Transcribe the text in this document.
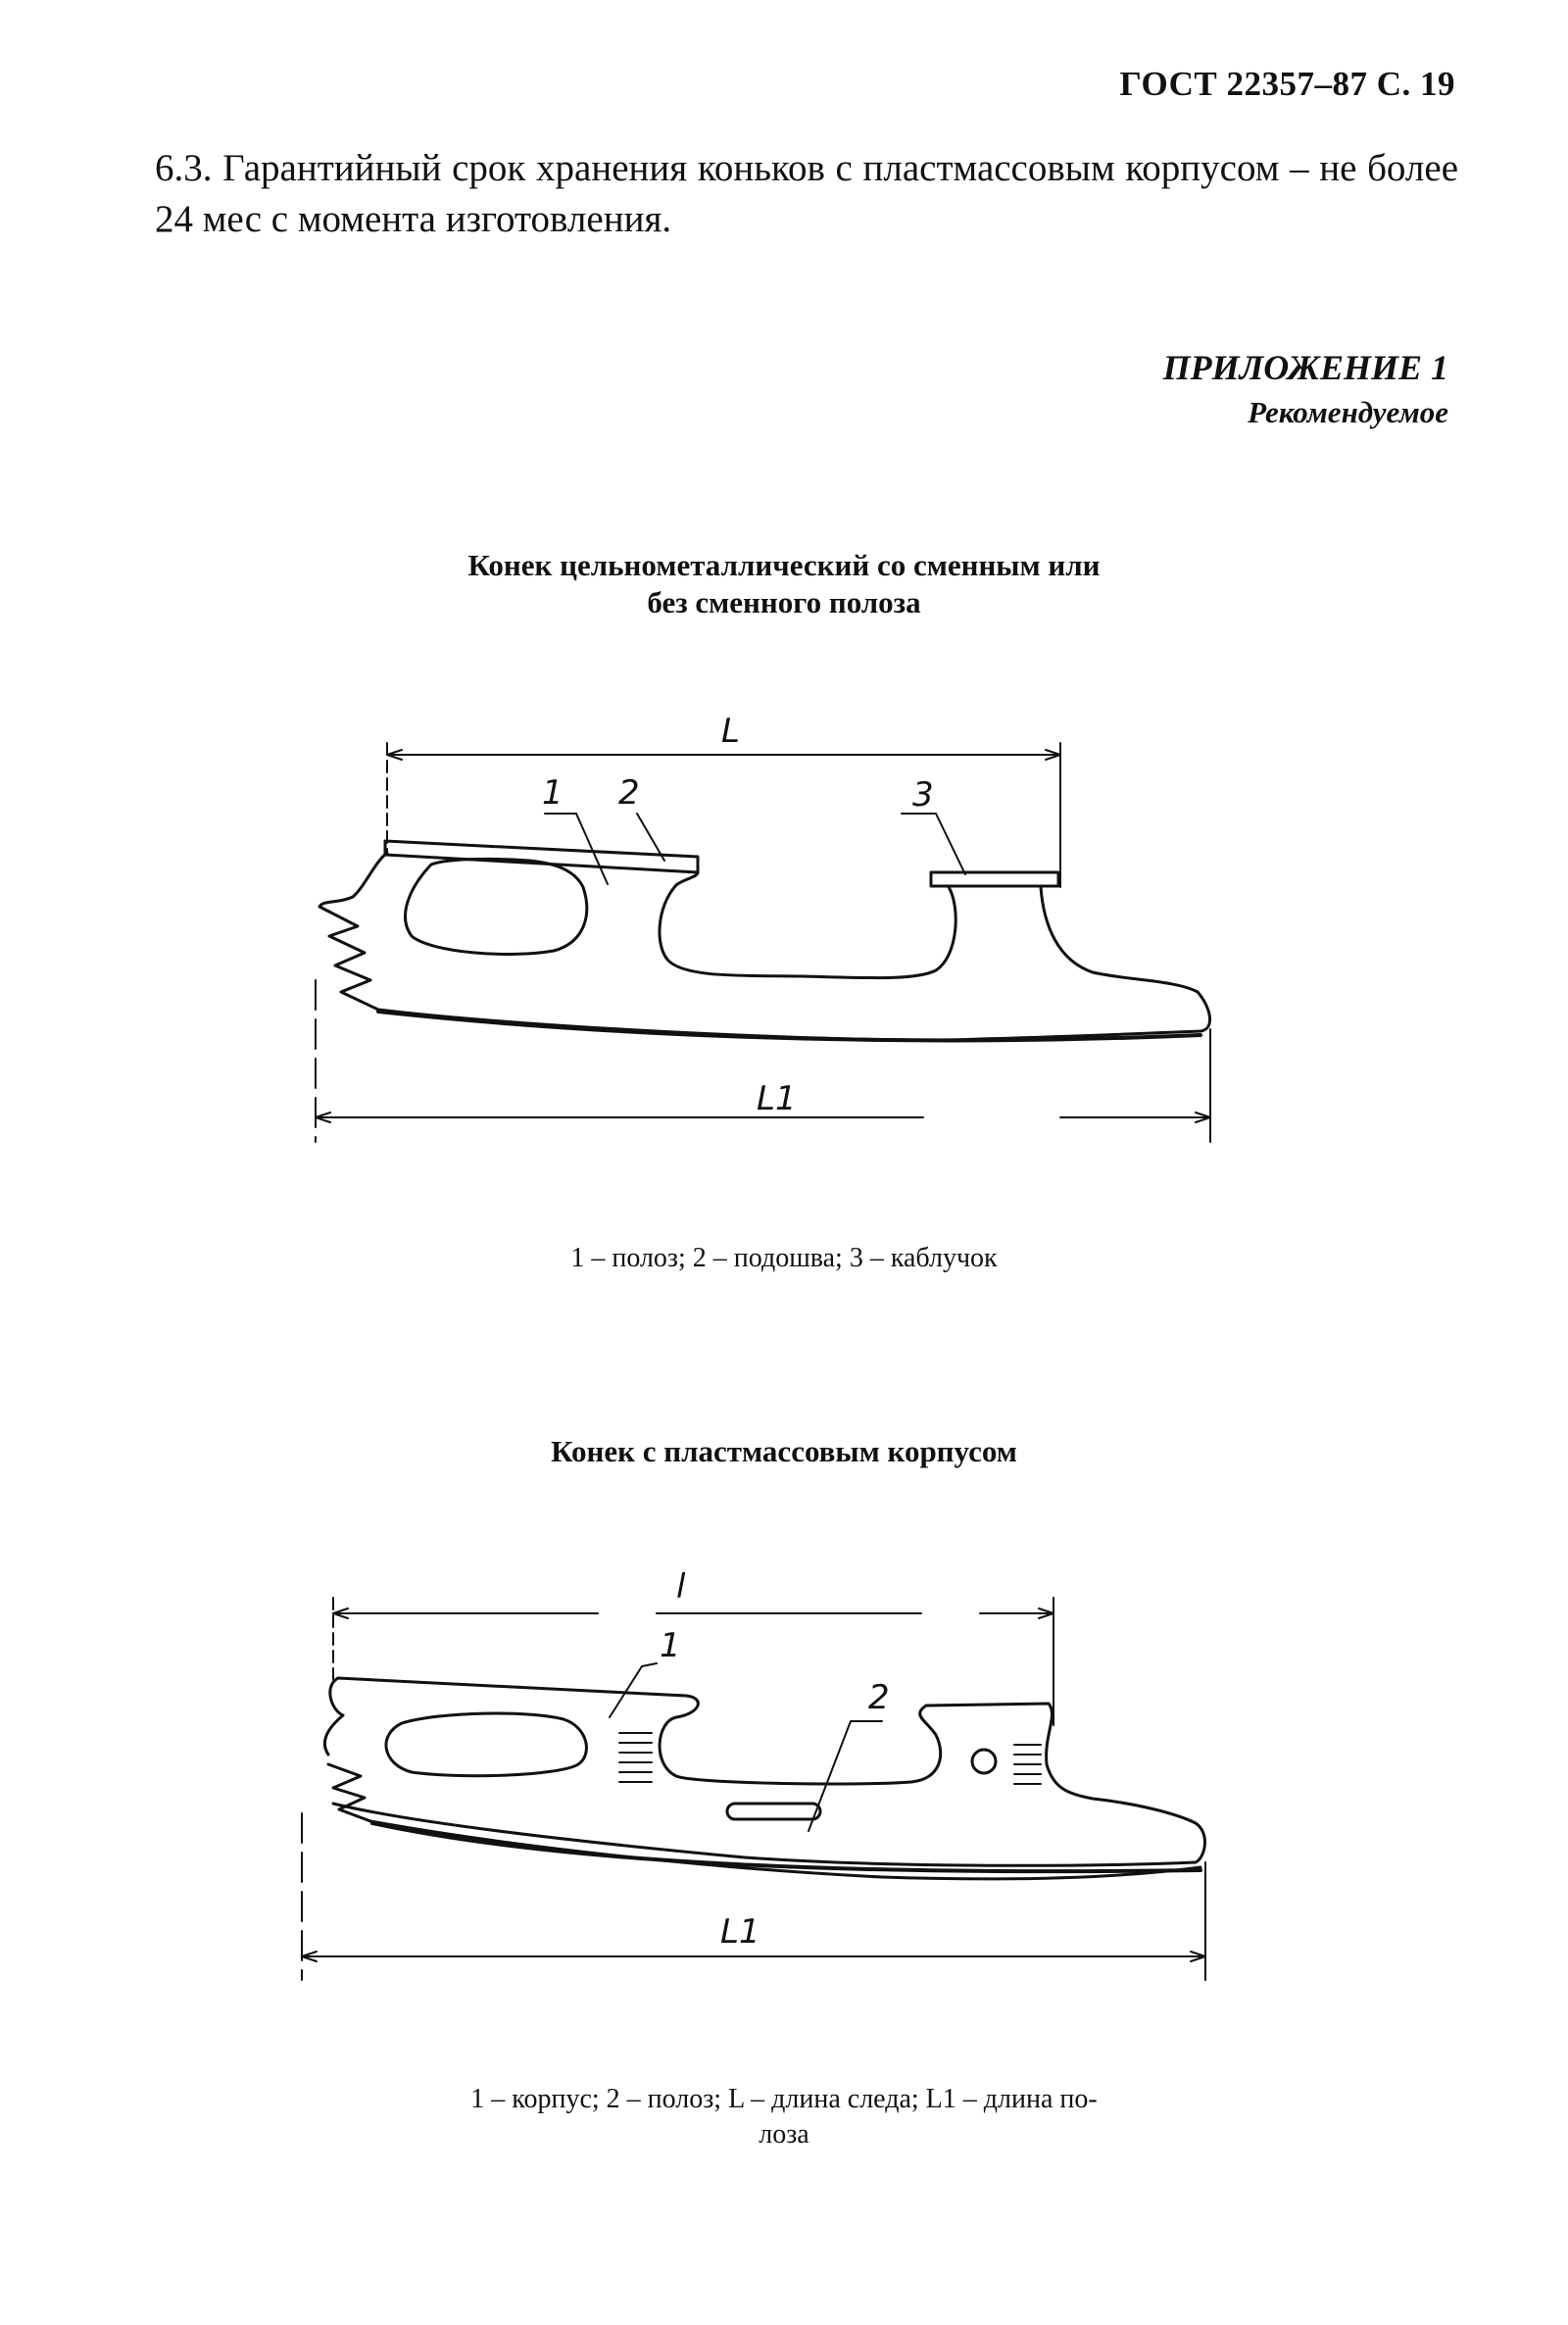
ГОСТ 22357–87 С. 19
6.3. Гарантийный срок хранения коньков с пластмассовым корпусом – не более 24 мес с момента изготовления.
ПРИЛОЖЕНИЕ 1
Рекомендуемое
Конек цельнометаллический со сменным или
без сменного полоза
L
1 2	3
L1
l
1
2
L1
1 – полоз; 2 – подошва; 3 – каблучок
Конек с пластмассовым корпусом
1 – корпус; 2 – полоз; L – длина следа; L1 – длина по-
лоза
